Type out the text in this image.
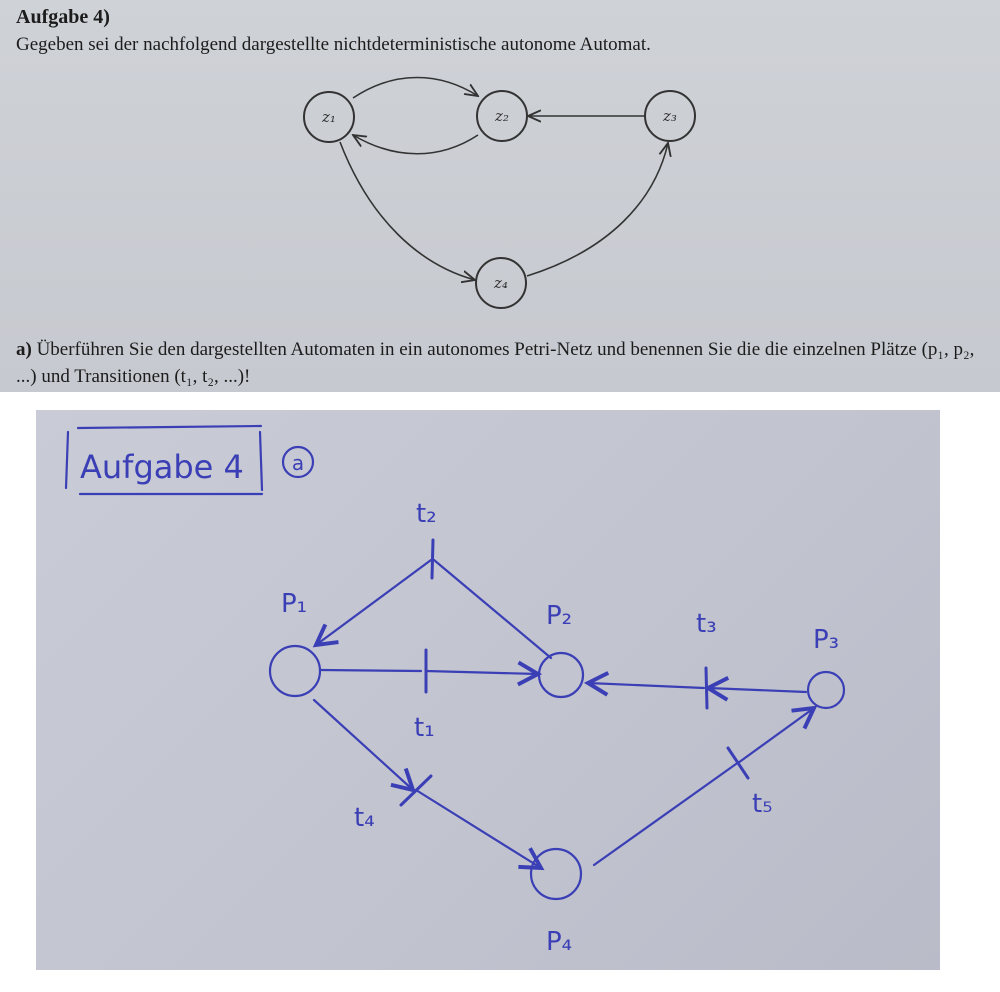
Aufgabe 4)
Gegeben sei der nachfolgend dargestellte nichtdeterministische autonome Automat.
z₁	z₂	z₃
z₄
a) Überführen Sie den dargestellten Automaten in ein autonomes Petri-Netz und benennen Sie die die einzelnen Plätze (p₁, p₂, ...) und Transitionen (t₁, t₂, ...)!
Aufgabe 4 a
P₁	P₂
P₃
P₄
t₂
t₁
t₃
t₄	t₅
